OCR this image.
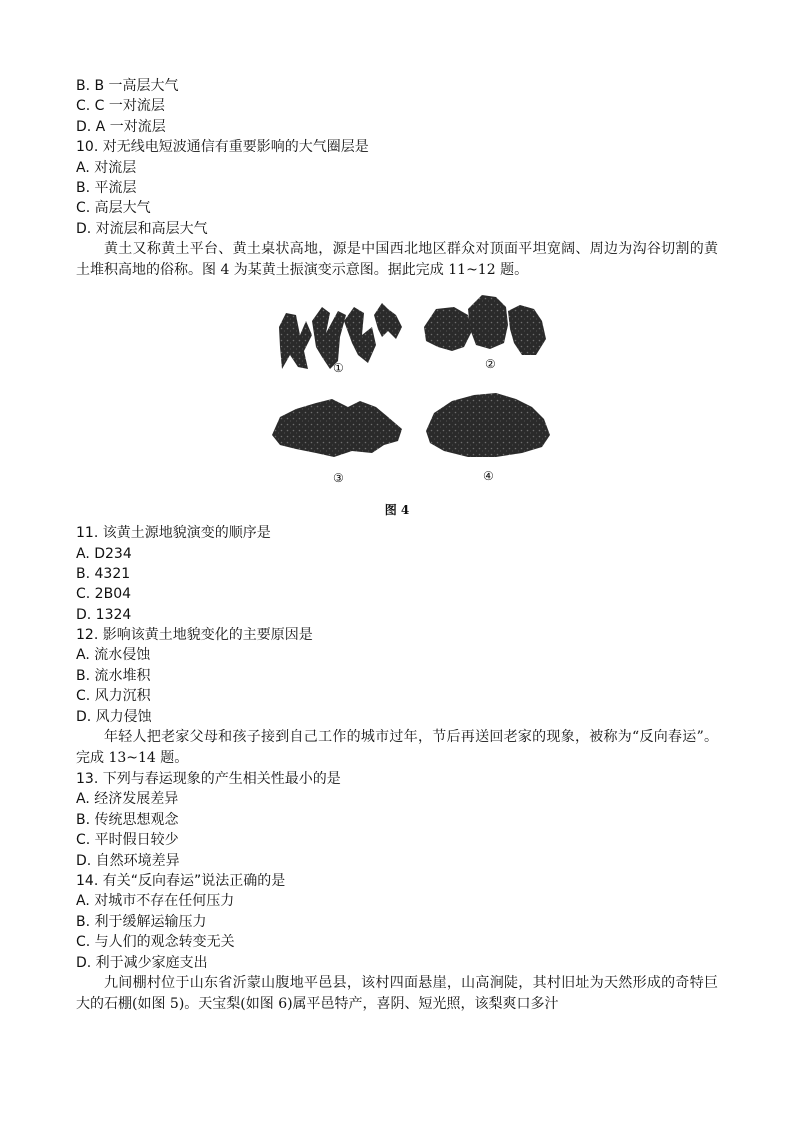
B. B 一高层大气
C. C 一对流层
D. A 一对流层
10. 对无线电短波通信有重要影响的大气圈层是
A. 对流层
B. 平流层
C. 高层大气
D. 对流层和高层大气

黄土又称黄土平台、黄土桌状高地，源是中国西北地区群众对顶面平坦宽阔、周边为沟谷切割的黄土堆积高地的俗称。图 4 为某黄土振演变示意图。据此完成 11~12 题。

①	②
③	④
图 4
11. 该黄土源地貌演变的顺序是
A. D234
B. 4321
C. 2B04
D. 1324
12. 影响该黄土地貌变化的主要原因是
A. 流水侵蚀
B. 流水堆积
C. 风力沉积
D. 风力侵蚀

年轻人把老家父母和孩子接到自己工作的城市过年，节后再送回老家的现象，被称为“反向春运”。完成 13~14 题。

13. 下列与春运现象的产生相关性最小的是
A. 经济发展差异
B. 传统思想观念
C. 平时假日较少
D. 自然环境差异
14. 有关“反向春运”说法正确的是
A. 对城市不存在任何压力
B. 利于缓解运输压力
C. 与人们的观念转变无关
D. 利于减少家庭支出

九间棚村位于山东省沂蒙山腹地平邑县，该村四面悬崖，山高涧陡，其村旧址为天然形成的奇特巨大的石棚(如图 5)。天宝梨(如图 6)属平邑特产，喜阴、短光照，该梨爽口多汁
